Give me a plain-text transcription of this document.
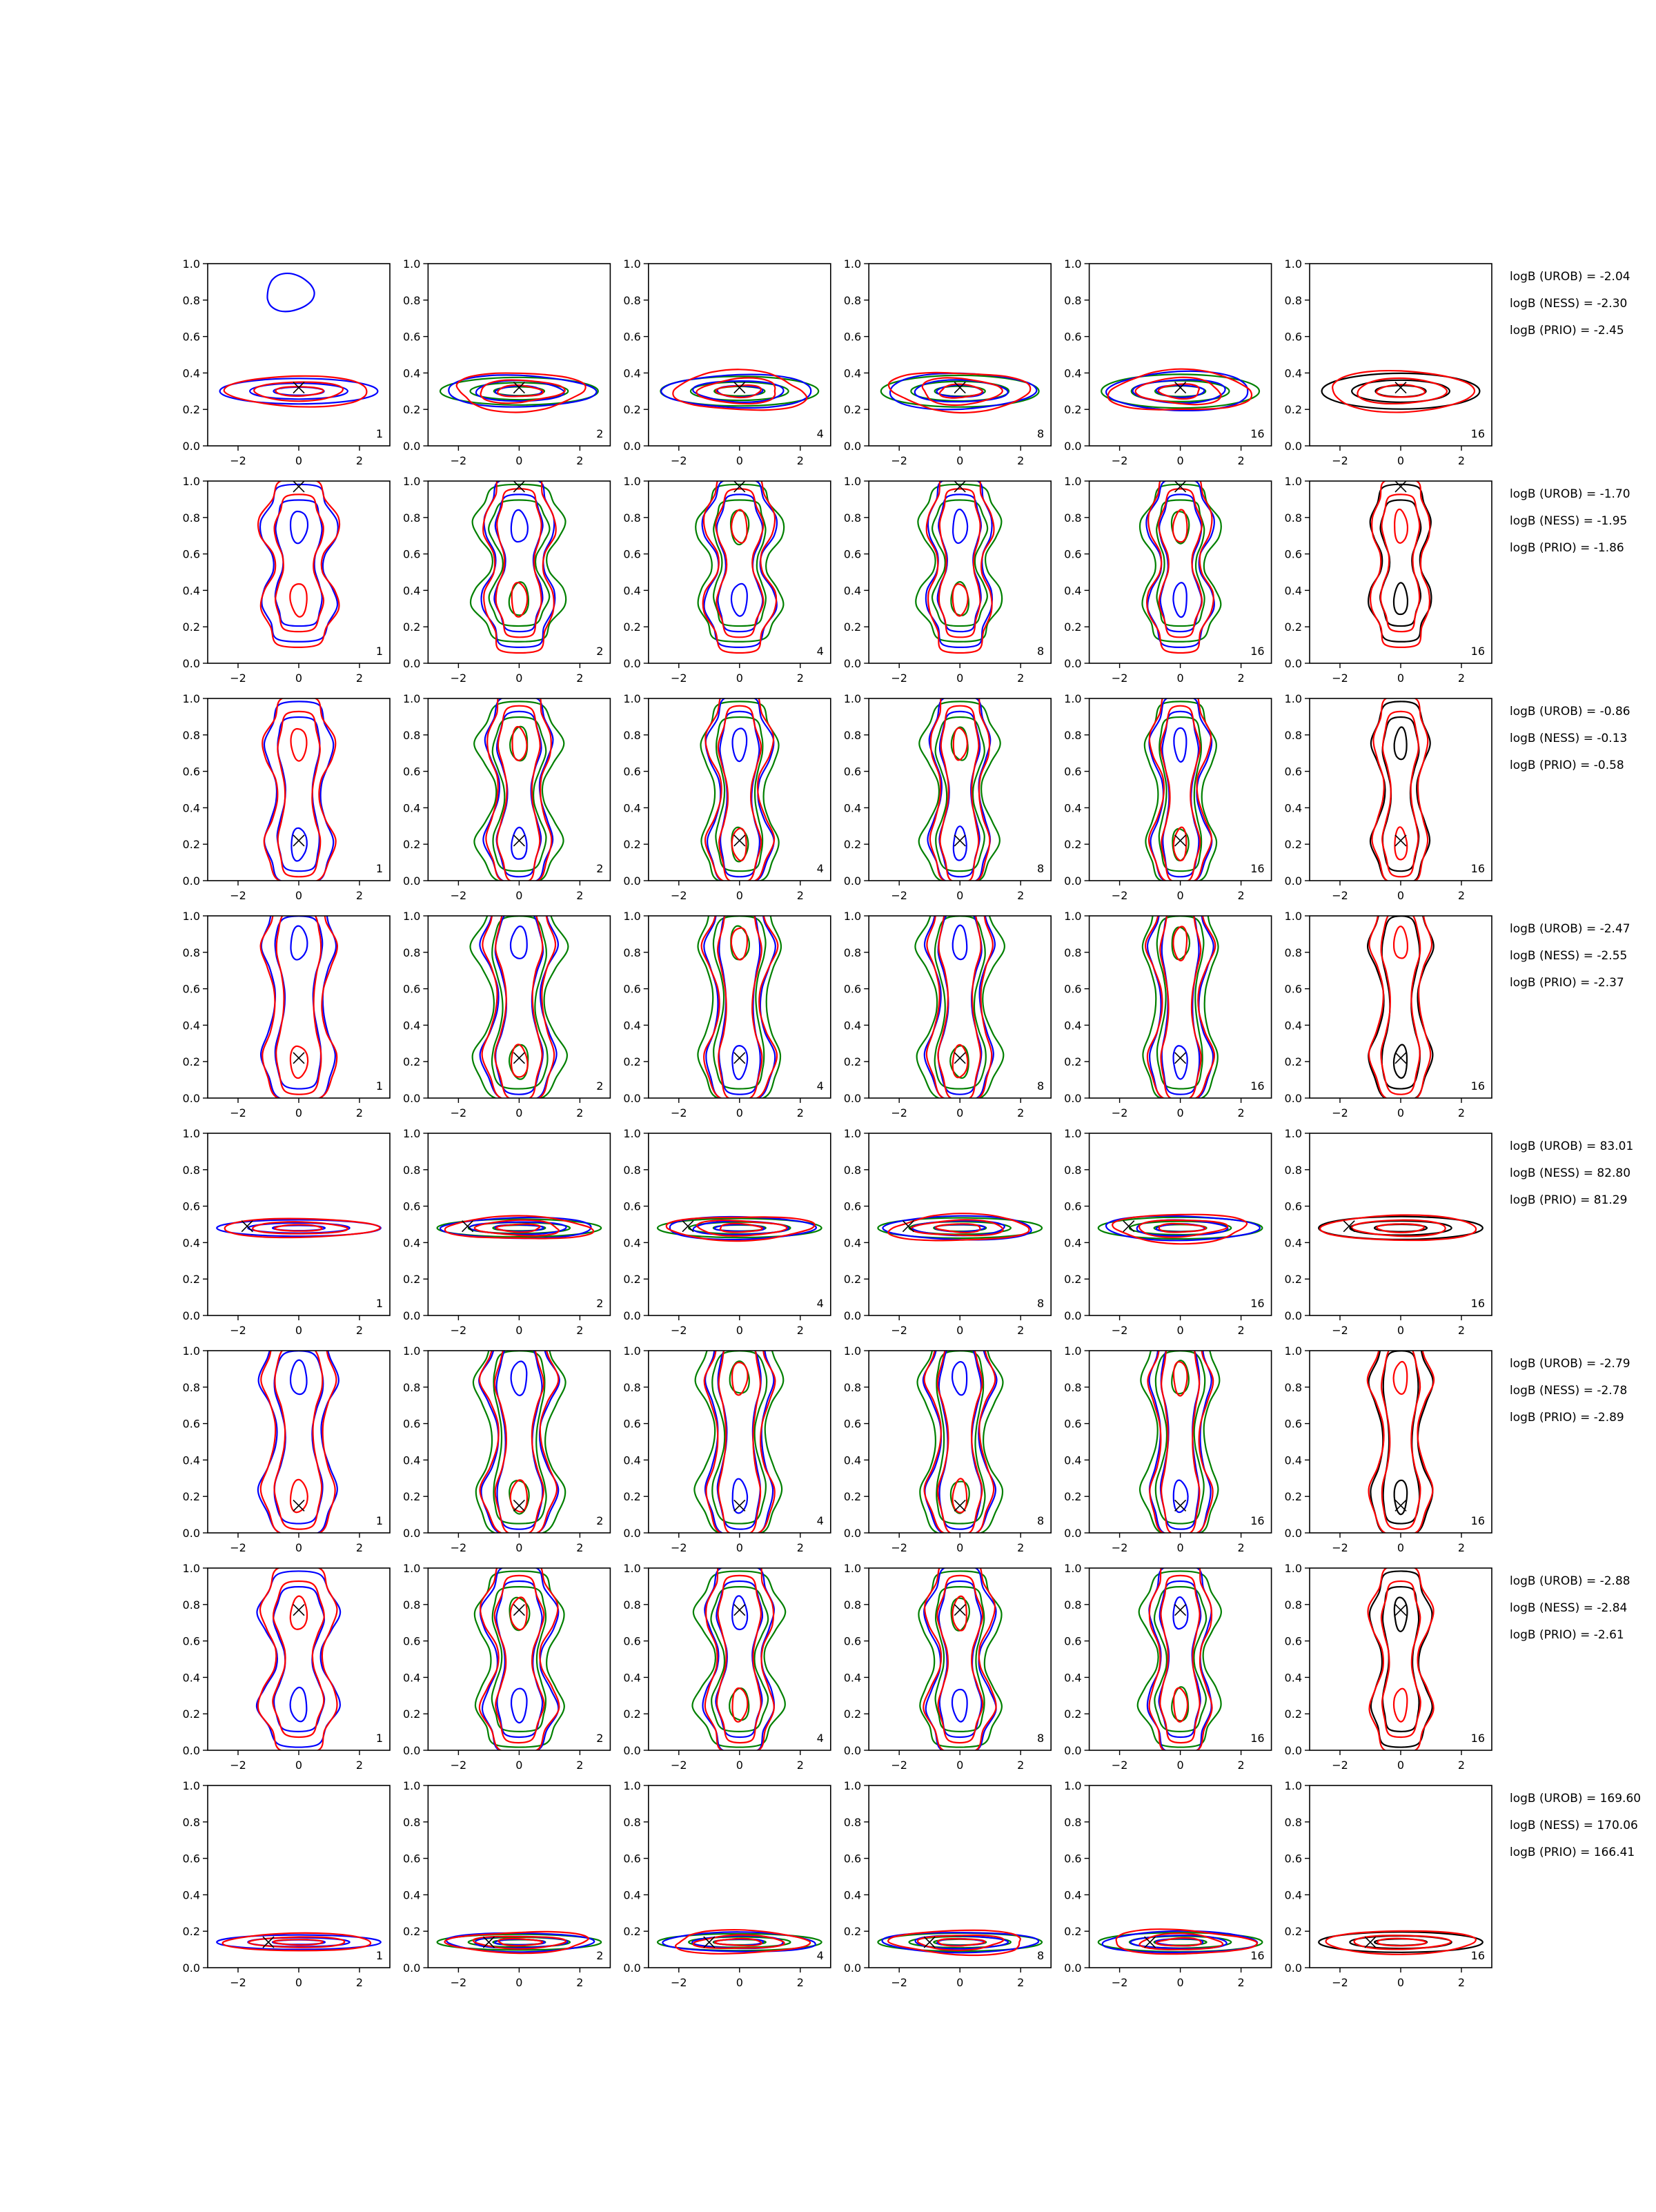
−2	0	2
0.0
0.2
0.4
0.6
0.8
1.0
1
−2	0	2
0.0
0.2
0.4
0.6
0.8
1.0
2
−2	0	2
0.0
0.2
0.4
0.6
0.8
1.0
4
−2	0	2
0.0
0.2
0.4
0.6
0.8
1.0
8
−2	0	2
0.0
0.2
0.4
0.6
0.8
1.0
16
−2	0	2
0.0
0.2
0.4
0.6
0.8
1.0
16
logB (UROB) = -2.04
logB (NESS) = -2.30
logB (PRIO) = -2.45
−2	0	2
0.0
0.2
0.4
0.6
0.8
1.0
1
−2	0	2
0.0
0.2
0.4
0.6
0.8
1.0
2
−2	0	2
0.0
0.2
0.4
0.6
0.8
1.0
4
−2	0	2
0.0
0.2
0.4
0.6
0.8
1.0
8
−2	0	2
0.0
0.2
0.4
0.6
0.8
1.0
16
−2	0	2
0.0
0.2
0.4
0.6
0.8
1.0
16
logB (UROB) = -1.70
logB (NESS) = -1.95
logB (PRIO) = -1.86
−2	0	2
0.0
0.2
0.4
0.6
0.8
1.0
1
−2	0	2
0.0
0.2
0.4
0.6
0.8
1.0
2
−2	0	2
0.0
0.2
0.4
0.6
0.8
1.0
4
−2	0	2
0.0
0.2
0.4
0.6
0.8
1.0
8
−2	0	2
0.0
0.2
0.4
0.6
0.8
1.0
16
−2	0	2
0.0
0.2
0.4
0.6
0.8
1.0
16
logB (UROB) = -0.86
logB (NESS) = -0.13
logB (PRIO) = -0.58
−2	0	2
0.0
0.2
0.4
0.6
0.8
1.0
1
−2	0	2
0.0
0.2
0.4
0.6
0.8
1.0
2
−2	0	2
0.0
0.2
0.4
0.6
0.8
1.0
4
−2	0	2
0.0
0.2
0.4
0.6
0.8
1.0
8
−2	0	2
0.0
0.2
0.4
0.6
0.8
1.0
16
−2	0	2
0.0
0.2
0.4
0.6
0.8
1.0
16
logB (UROB) = -2.47
logB (NESS) = -2.55
logB (PRIO) = -2.37
−2	0	2
0.0
0.2
0.4
0.6
0.8
1.0
1
−2	0	2
0.0
0.2
0.4
0.6
0.8
1.0
2
−2	0	2
0.0
0.2
0.4
0.6
0.8
1.0
4
−2	0	2
0.0
0.2
0.4
0.6
0.8
1.0
8
−2	0	2
0.0
0.2
0.4
0.6
0.8
1.0
16
−2	0	2
0.0
0.2
0.4
0.6
0.8
1.0
16
logB (UROB) = 83.01
logB (NESS) = 82.80
logB (PRIO) = 81.29
−2	0	2
0.0
0.2
0.4
0.6
0.8
1.0
1
−2	0	2
0.0
0.2
0.4
0.6
0.8
1.0
2
−2	0	2
0.0
0.2
0.4
0.6
0.8
1.0
4
−2	0	2
0.0
0.2
0.4
0.6
0.8
1.0
8
−2	0	2
0.0
0.2
0.4
0.6
0.8
1.0
16
−2	0	2
0.0
0.2
0.4
0.6
0.8
1.0
16
logB (UROB) = -2.79
logB (NESS) = -2.78
logB (PRIO) = -2.89
−2	0	2
0.0
0.2
0.4
0.6
0.8
1.0
1
−2	0	2
0.0
0.2
0.4
0.6
0.8
1.0
2
−2	0	2
0.0
0.2
0.4
0.6
0.8
1.0
4
−2	0	2
0.0
0.2
0.4
0.6
0.8
1.0
8
−2	0	2
0.0
0.2
0.4
0.6
0.8
1.0
16
−2	0	2
0.0
0.2
0.4
0.6
0.8
1.0
16
logB (UROB) = -2.88
logB (NESS) = -2.84
logB (PRIO) = -2.61
−2	0	2
0.0
0.2
0.4
0.6
0.8
1.0
1
−2	0	2
0.0
0.2
0.4
0.6
0.8
1.0
2
−2	0	2
0.0
0.2
0.4
0.6
0.8
1.0
4
−2	0	2
0.0
0.2
0.4
0.6
0.8
1.0
8
−2	0	2
0.0
0.2
0.4
0.6
0.8
1.0
16
−2	0	2
0.0
0.2
0.4
0.6
0.8
1.0
16
logB (UROB) = 169.60
logB (NESS) = 170.06
logB (PRIO) = 166.41
